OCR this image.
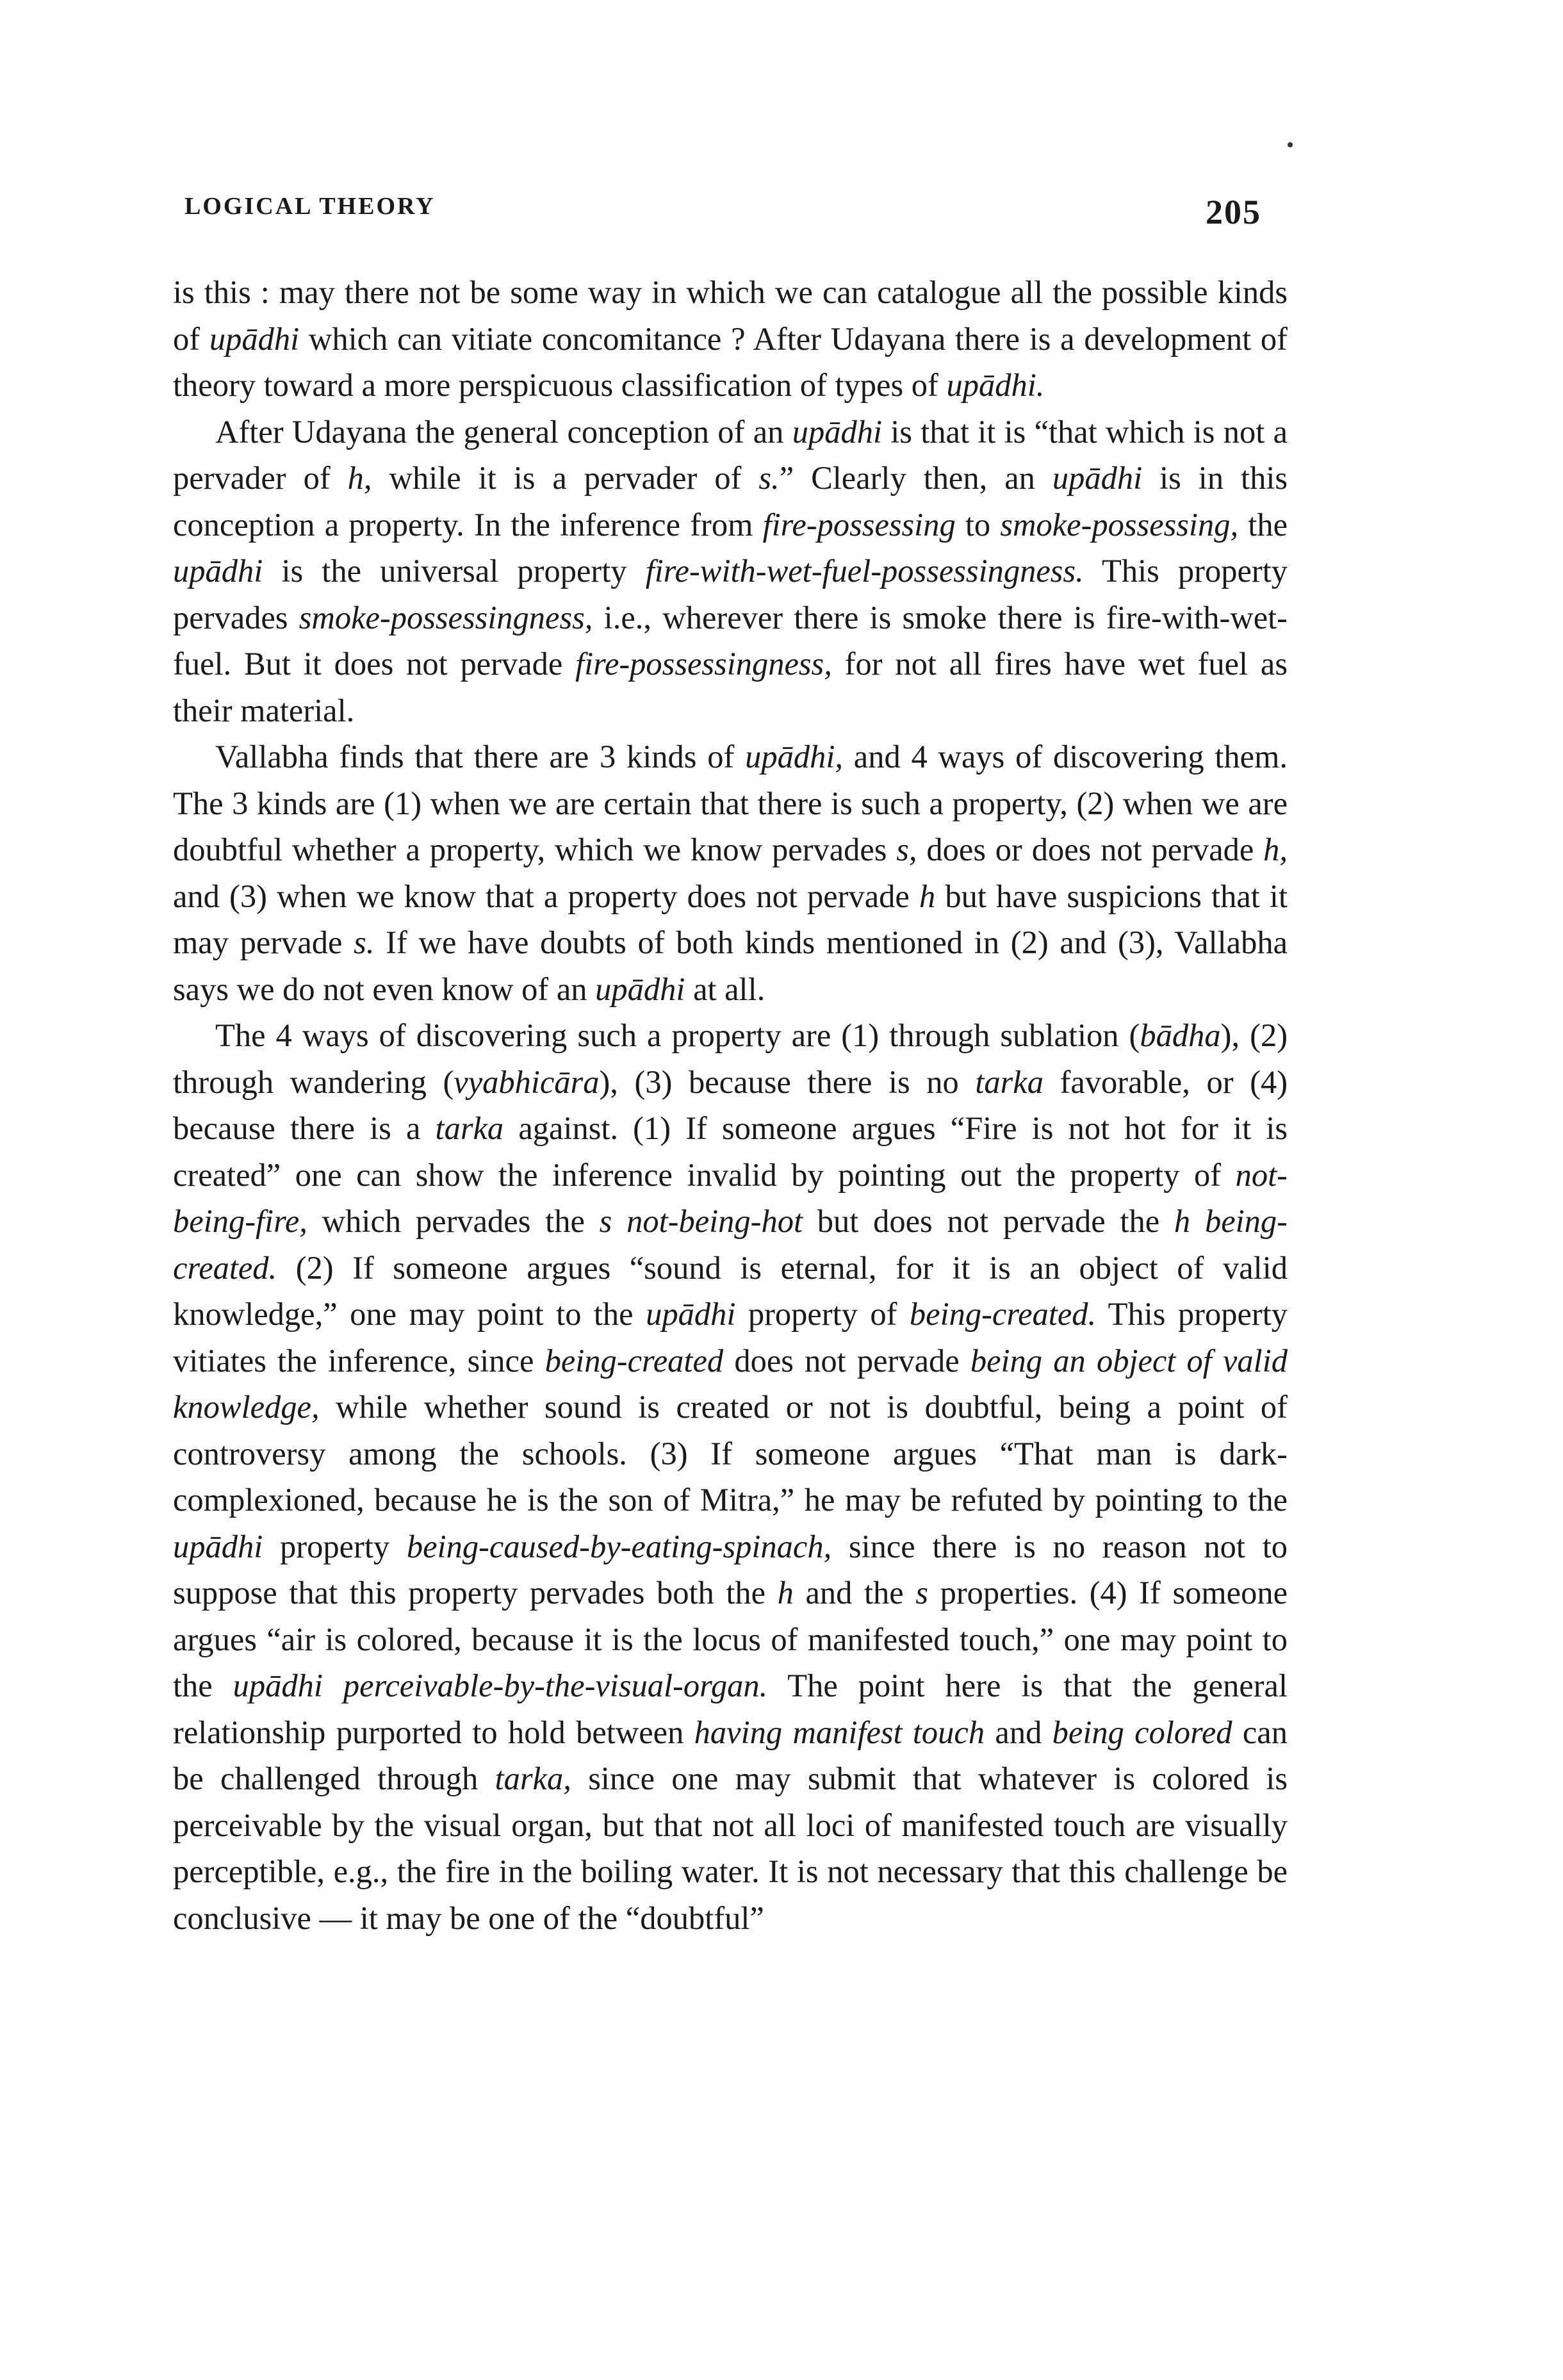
LOGICAL THEORY	205

is this : may there not be some way in which we can catalogue all the possible kinds of upādhi which can vitiate concomitance ? After Udayana there is a development of theory toward a more perspicuous classification of types of upādhi.

After Udayana the general conception of an upādhi is that it is “that which is not a pervader of h, while it is a pervader of s.” Clearly then, an upādhi is in this conception a property. In the inference from fire-possessing to smoke-possessing, the upādhi is the universal property fire-with-wet-fuel-possessingness. This property pervades smoke-possessingness, i.e., wherever there is smoke there is fire-with-wet-fuel. But it does not pervade fire-possessingness, for not all fires have wet fuel as their material.

Vallabha finds that there are 3 kinds of upādhi, and 4 ways of discovering them. The 3 kinds are (1) when we are certain that there is such a property, (2) when we are doubtful whether a property, which we know pervades s, does or does not pervade h, and (3) when we know that a property does not pervade h but have suspicions that it may pervade s. If we have doubts of both kinds mentioned in (2) and (3), Vallabha says we do not even know of an upādhi at all.

The 4 ways of discovering such a property are (1) through sublation (bādha), (2) through wandering (vyabhicāra), (3) because there is no tarka favorable, or (4) because there is a tarka against. (1) If someone argues “Fire is not hot for it is created” one can show the inference invalid by pointing out the property of not-being-fire, which pervades the s not-being-hot but does not pervade the h being-created. (2) If someone argues “sound is eternal, for it is an object of valid knowledge,” one may point to the upādhi property of being-created. This property vitiates the inference, since being-created does not pervade being an object of valid knowledge, while whether sound is created or not is doubtful, being a point of controversy among the schools. (3) If someone argues “That man is dark-complexioned, because he is the son of Mitra,” he may be refuted by pointing to the upādhi property being-caused-by-eating-spinach, since there is no reason not to suppose that this property pervades both the h and the s properties. (4) If someone argues “air is colored, because it is the locus of manifested touch,” one may point to the upādhi perceivable-by-the-visual-organ. The point here is that the general relationship purported to hold between having manifest touch and being colored can be challenged through tarka, since one may submit that whatever is colored is perceivable by the visual organ, but that not all loci of manifested touch are visually perceptible, e.g., the fire in the boiling water. It is not necessary that this challenge be conclusive — it may be one of the “doubtful”
